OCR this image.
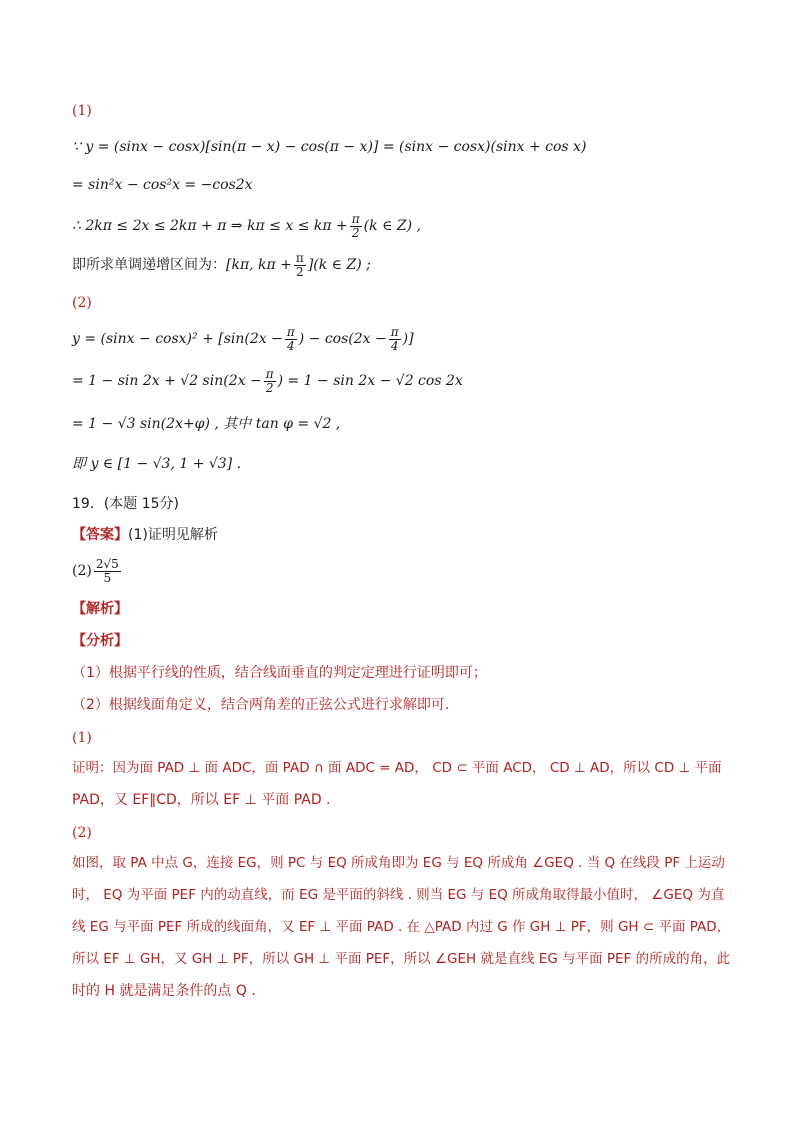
(1)
∵ y = (sinx − cosx)[sin(π − x) − cos(π − x)] = (sinx − cosx)(sinx + cos x)
= sin²x − cos²x = −cos2x
∴ 2kπ ≤ 2x ≤ 2kπ + π ⇒ $k\pi \le x \le k\pi + \frac{\pi}{2} (k$ ∈ Z) ,
即所求单调递增区间为： [kπ, $k\pi + \frac{\pi}{2} ](k$ ∈ Z) ;
(2)
$y = (\sin x - \cos x)^2 + [\sin(2x - \frac{\pi}{4}$ ) − $\cos(2x - \frac{\pi}{4}$ )]
= 1 − sin 2x + √2 $\sin(2x - \frac{\pi}{2}$ ) = 1 − sin 2x − √2 cos 2x
= 1 − √3 sin(2x+φ) , 其中 tan φ = √2 ,
即 y ∈ [1 − √3, 1 + √3] .
19．(本题 15分)
【答案】(1)证明见解析
$(2) \frac{2√5}{5}$
【解析】
【分析】
（1）根据平行线的性质，结合线面垂直的判定定理进行证明即可；
（2）根据线面角定义，结合两角差的正弦公式进行求解即可.
(1)
证明：因为面 PAD ⊥ 面 ADC，面 PAD ∩ 面 ADC = AD， CD ⊂ 平面 ACD， CD ⊥ AD，所以 CD ⊥ 平面
PAD，又 EF∥CD，所以 EF ⊥ 平面 PAD .
(2)
如图，取 PA 中点 G，连接 EG，则 PC 与 EQ 所成角即为 EG 与 EQ 所成角 ∠GEQ . 当 Q 在线段 PF 上运动
时， EQ 为平面 PEF 内的动直线，而 EG 是平面的斜线 . 则当 EG 与 EQ 所成角取得最小值时， ∠GEQ 为直
线 EG 与平面 PEF 所成的线面角，又 EF ⊥ 平面 PAD . 在 △PAD 内过 G 作 GH ⊥ PF，则 GH ⊂ 平面 PAD，
所以 EF ⊥ GH，又 GH ⊥ PF，所以 GH ⊥ 平面 PEF，所以 ∠GEH 就是直线 EG 与平面 PEF 的所成的角，此
时的 H 就是满足条件的点 Q .
